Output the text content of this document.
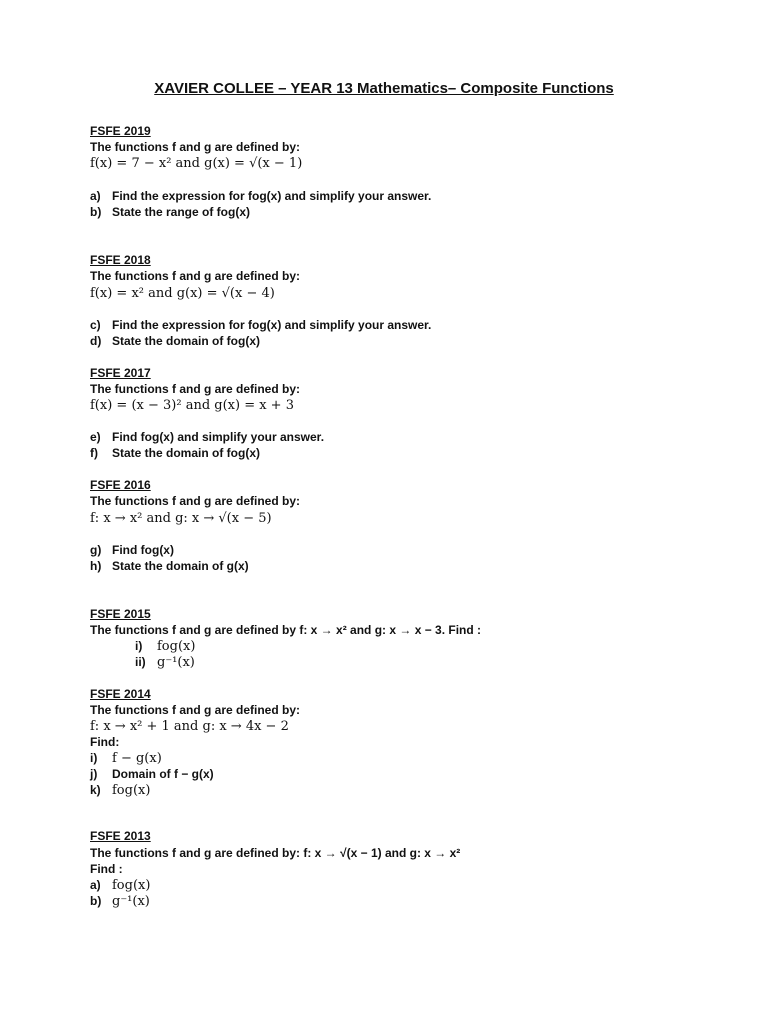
XAVIER COLLEE – YEAR 13 Mathematics– Composite Functions
FSFE 2019
The functions f and g are defined by:
f(x) = 7 − x² and g(x) = √(x − 1)
a) Find the expression for fog(x) and simplify your answer.
b) State the range of fog(x)
FSFE 2018
The functions f and g are defined by:
f(x) = x² and g(x) = √(x − 4)
c) Find the expression for fog(x) and simplify your answer.
d) State the domain of fog(x)
FSFE 2017
The functions f and g are defined by:
f(x) = (x − 3)² and g(x) = x + 3
e) Find fog(x) and simplify your answer.
f) State the domain of fog(x)
FSFE 2016
The functions f and g are defined by:
f: x → x² and g: x → √(x − 5)
g) Find fog(x)
h) State the domain of g(x)
FSFE 2015
The functions f and g are defined by f: x → x² and g: x → x − 3. Find :
i) fog(x)
ii) g⁻¹(x)
FSFE 2014
The functions f and g are defined by:
f: x → x² + 1 and g: x → 4x − 2
Find:
i) f − g(x)
j) Domain of f − g(x)
k) fog(x)
FSFE 2013
The functions f and g are defined by: f: x → √(x − 1) and g: x → x²
Find :
a) fog(x)
b) g⁻¹(x)
